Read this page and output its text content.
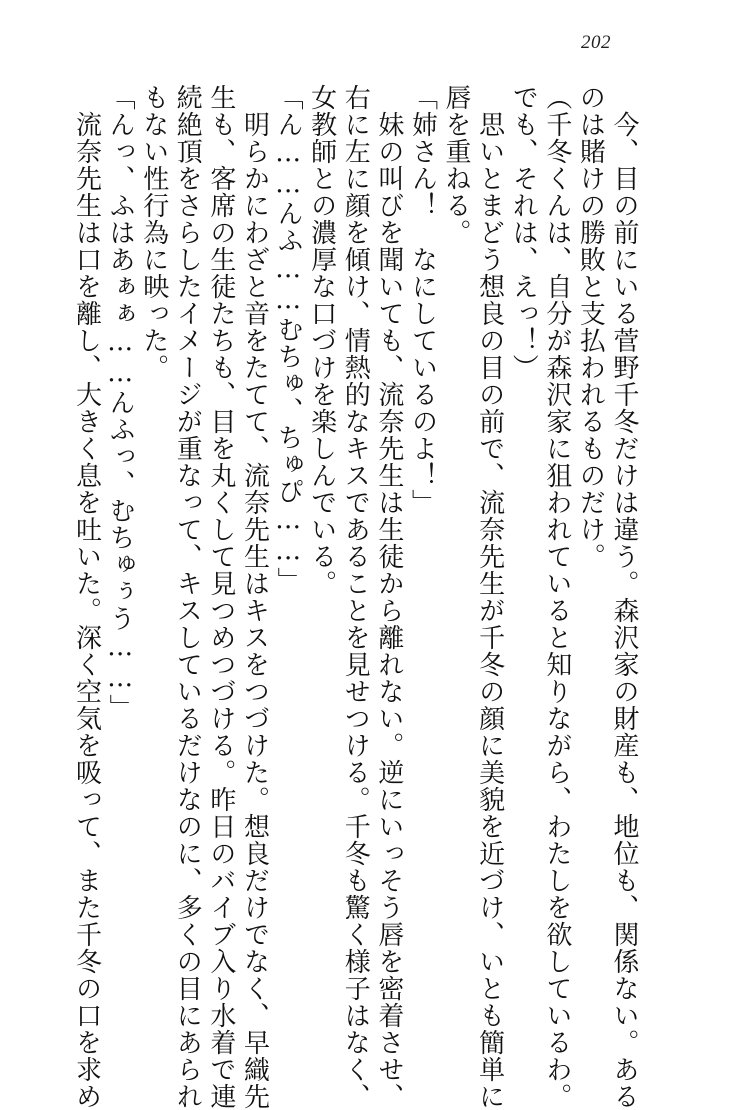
202

　今、目の前にいる菅野千冬だけは違う。森沢家の財産も、地位も、関係ない。ある

のは賭けの勝敗と支払われるものだけ。

（千冬くんは、自分が森沢家に狙われていると知りながら、わたしを欲しているわ。

でも、それは、えっ！）

　思いとまどう想良の目の前で、流奈先生が千冬の顔に美貌を近づけ、いとも簡単に

唇を重ねる。

「姉さん！　なにしているのよ！」

　妹の叫びを聞いても、流奈先生は生徒から離れない。逆にいっそう唇を密着させ、

右に左に顔を傾け、情熱的なキスであることを見せつける。千冬も驚く様子はなく、

女教師との濃厚な口づけを楽しんでいる。

「ん……んふ……むちゅ、ちゅぴ……」

　明らかにわざと音をたてて、流奈先生はキスをつづけた。想良だけでなく、早織先

生も、客席の生徒たちも、目を丸くして見つめつづける。昨日のバイブ入り水着で連

続絶頂をさらしたイメージが重なって、キスしているだけなのに、多くの目にあられ

もない性行為に映った。

「んっ、ふはあぁぁ……んふっ、むちゅぅう……」

　流奈先生は口を離し、大きく息を吐いた。深く空気を吸って、また千冬の口を求め
